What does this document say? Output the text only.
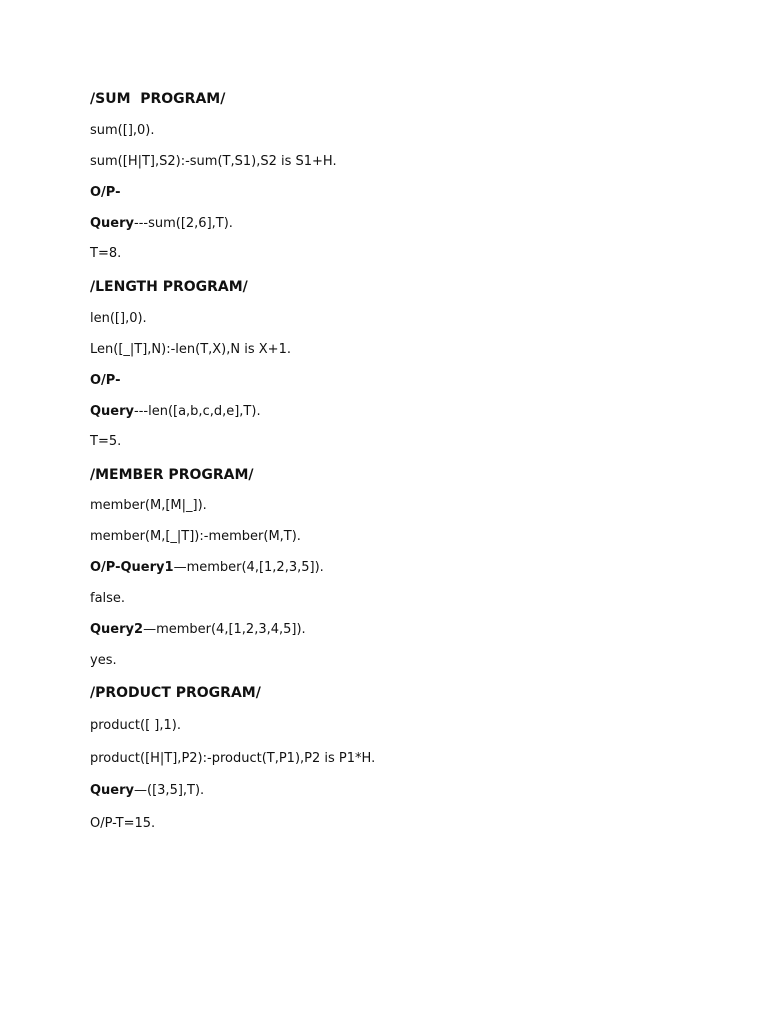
/SUM  PROGRAM/
sum([],0).
sum([H|T],S2):-sum(T,S1),S2 is S1+H.
O/P-
Query---sum([2,6],T).
T=8.
/LENGTH PROGRAM/
len([],0).
Len([_|T],N):-len(T,X),N is X+1.
O/P-
Query---len([a,b,c,d,e],T).
T=5.
/MEMBER PROGRAM/
member(M,[M|_]).
member(M,[_|T]):-member(M,T).
O/P-Query1—member(4,[1,2,3,5]).
false.
Query2—member(4,[1,2,3,4,5]).
yes.
/PRODUCT PROGRAM/
product([ ],1).
product([H|T],P2):-product(T,P1),P2 is P1*H.
Query—([3,5],T).
O/P-T=15.
